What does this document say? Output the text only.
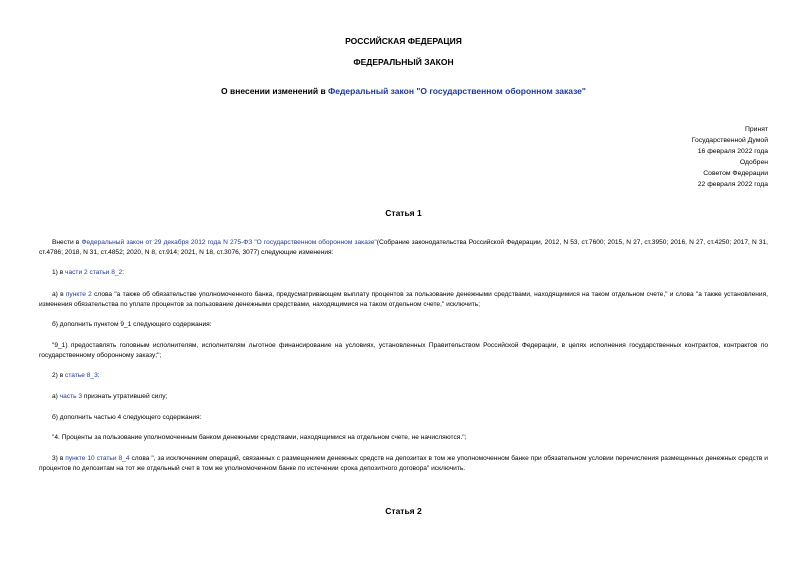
РОССИЙСКАЯ ФЕДЕРАЦИЯ
ФЕДЕРАЛЬНЫЙ ЗАКОН
О внесении изменений в Федеральный закон "О государственном оборонном заказе"
Принят
Государственной Думой
16 февраля 2022 года
Одобрен
Советом Федерации
22 февраля 2022 года
Статья 1
Внести в Федеральный закон от 29 декабря 2012 года N 275-ФЗ "О государственном оборонном заказе"(Собрание законодательства Российской Федерации, 2012, N 53, ст.7600; 2015, N 27, ст.3950; 2016, N 27, ст.4250; 2017, N 31, ст.4786; 2018, N 31, ст.4852; 2020, N 8, ст.914; 2021, N 18, ст.3076, 3077) следующие изменения:
1) в части 2 статьи 8_2:
а) в пункте 2 слова "а также об обязательстве уполномоченного банка, предусматривающем выплату процентов за пользование денежными средствами, находящимися на таком отдельном счете," и слова "а также установления, изменения обязательства по уплате процентов за пользование денежными средствами, находящимися на таком отдельном счете," исключить;
б) дополнить пунктом 9_1 следующего содержания:
"9_1) предоставлять головным исполнителям, исполнителям льготное финансирование на условиях, установленных Правительством Российской Федерации, в целях исполнения государственных контрактов, контрактов по государственному оборонному заказу;";
2) в статье 8_3:
а) часть 3 признать утратившей силу;
б) дополнить частью 4 следующего содержания:
"4. Проценты за пользование уполномоченным банком денежными средствами, находящимися на отдельном счете, не начисляются.";
3) в пункте 10 статьи 8_4 слова ", за исключением операций, связанных с размещением денежных средств на депозитах в том же уполномоченном банке при обязательном условии перечисления размещенных денежных средств и процентов по депозитам на тот же отдельный счет в том же уполномоченном банке по истечении срока депозитного договора" исключить.
Статья 2
